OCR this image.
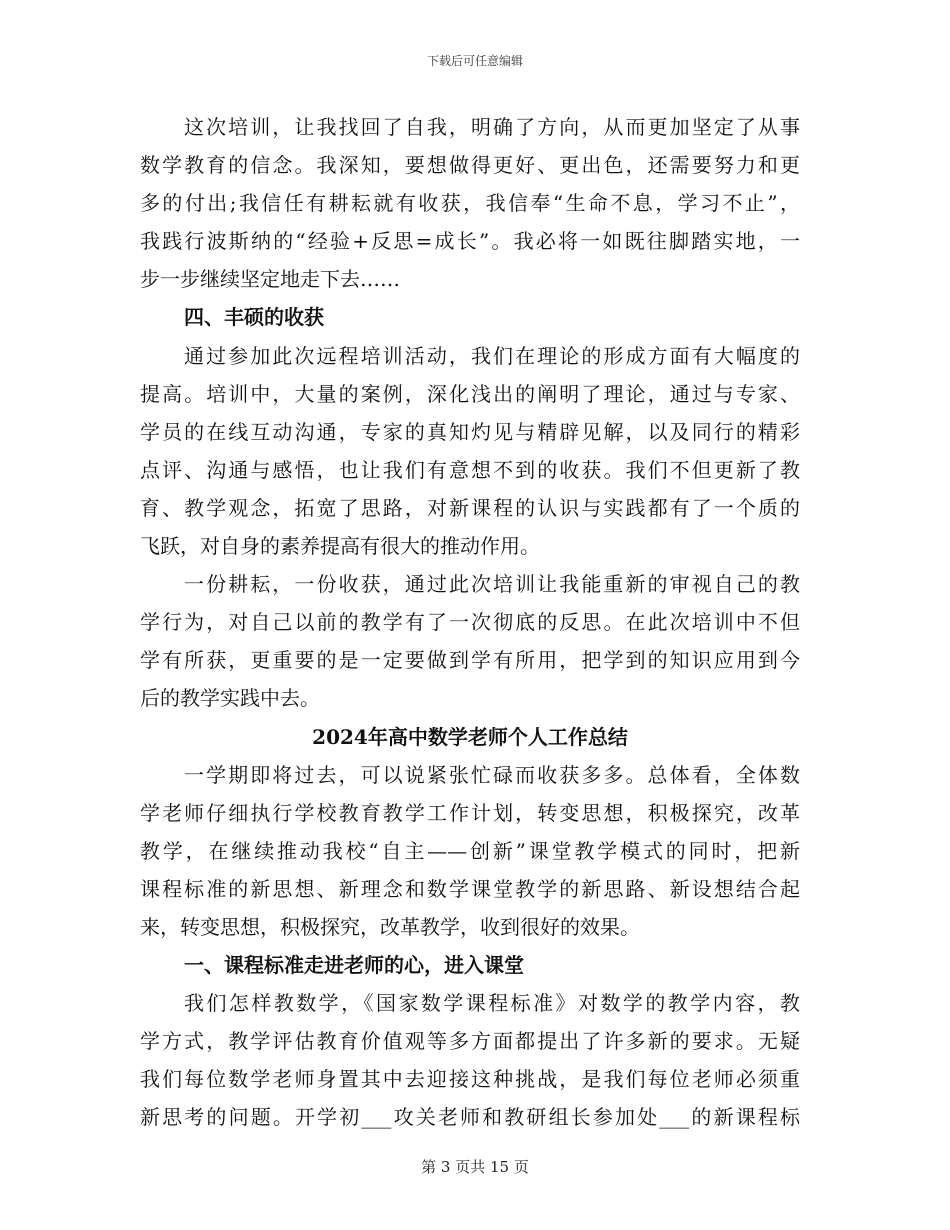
下载后可任意编辑
这次培训，让我找回了自我，明确了方向，从而更加坚定了从事
数学教育的信念。我深知，要想做得更好、更出色，还需要努力和更
多的付出;我信任有耕耘就有收获，我信奉“生命不息，学习不止”，
我践行波斯纳的“经验+反思=成长”。我必将一如既往脚踏实地，一
步一步继续坚定地走下去……
四、丰硕的收获
通过参加此次远程培训活动，我们在理论的形成方面有大幅度的
提高。培训中，大量的案例，深化浅出的阐明了理论，通过与专家、
学员的在线互动沟通，专家的真知灼见与精辟见解，以及同行的精彩
点评、沟通与感悟，也让我们有意想不到的收获。我们不但更新了教
育、教学观念，拓宽了思路，对新课程的认识与实践都有了一个质的
飞跃，对自身的素养提高有很大的推动作用。
一份耕耘，一份收获，通过此次培训让我能重新的审视自己的教
学行为，对自己以前的教学有了一次彻底的反思。在此次培训中不但
学有所获，更重要的是一定要做到学有所用，把学到的知识应用到今
后的教学实践中去。
2024年高中数学老师个人工作总结
一学期即将过去，可以说紧张忙碌而收获多多。总体看，全体数
学老师仔细执行学校教育教学工作计划，转变思想，积极探究，改革
教学，在继续推动我校“自主——创新”课堂教学模式的同时，把新
课程标准的新思想、新理念和数学课堂教学的新思路、新设想结合起
来，转变思想，积极探究，改革教学，收到很好的效果。
一、课程标准走进老师的心，进入课堂
我们怎样教数学，《国家数学课程标准》对数学的教学内容，教
学方式，教学评估教育价值观等多方面都提出了许多新的要求。无疑
我们每位数学老师身置其中去迎接这种挑战，是我们每位老师必须重
新思考的问题。开学初___攻关老师和教研组长参加处___的新课程标
第 3 页共 15 页
